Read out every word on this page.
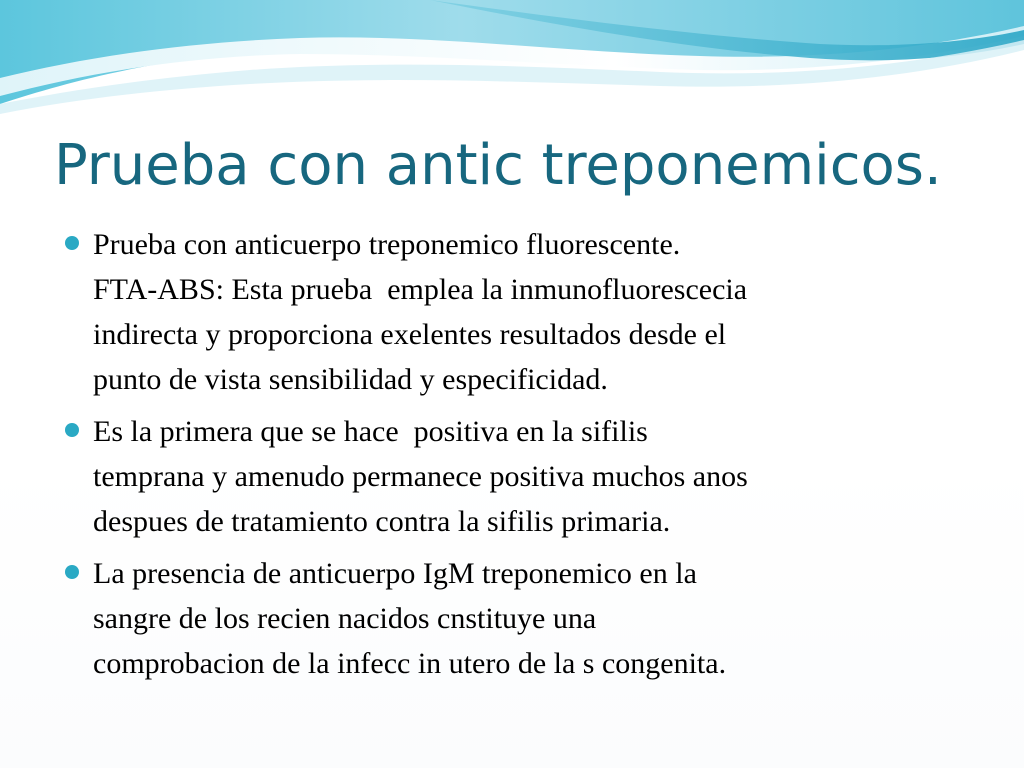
Prueba con antic treponemicos.
Prueba con anticuerpo treponemico fluorescente.
FTA-ABS: Esta prueba  emplea la inmunofluorescecia
indirecta y proporciona exelentes resultados desde el
punto de vista sensibilidad y especificidad.
Es la primera que se hace  positiva en la sifilis
temprana y amenudo permanece positiva muchos anos
despues de tratamiento contra la sifilis primaria.
La presencia de anticuerpo IgM treponemico en la
sangre de los recien nacidos cnstituye una
comprobacion de la infecc in utero de la s congenita.
